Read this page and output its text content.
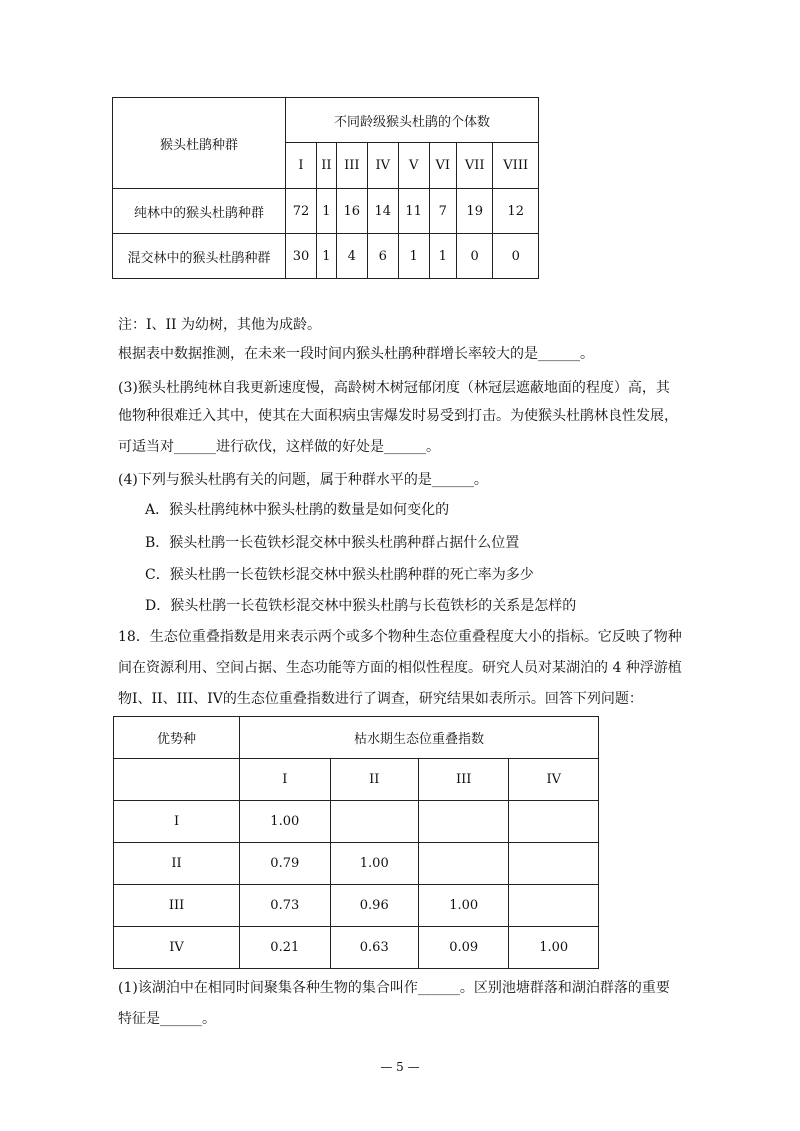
猴头杜鹃种群	不同龄级猴头杜鹃的个体数							
	I	II	III	IV	V	VI	VII	VIII
纯林中的猴头杜鹃种群	72	1	16	14	11	7	19	12
混交林中的猴头杜鹃种群	30	1	4	6	1	1	0	0
注：I、II 为幼树，其他为成龄。
根据表中数据推测，在未来一段时间内猴头杜鹃种群增长率较大的是______。
(3)猴头杜鹃纯林自我更新速度慢，高龄树木树冠郁闭度（林冠层遮蔽地面的程度）高，其
他物种很难迁入其中，使其在大面积病虫害爆发时易受到打击。为使猴头杜鹃林良性发展，
可适当对______进行砍伐，这样做的好处是______。
(4)下列与猴头杜鹃有关的问题，属于种群水平的是______。
A．猴头杜鹃纯林中猴头杜鹃的数量是如何变化的
B．猴头杜鹃一长苞铁杉混交林中猴头杜鹃种群占据什么位置
C．猴头杜鹃一长苞铁杉混交林中猴头杜鹃种群的死亡率为多少
D．猴头杜鹃一长苞铁杉混交林中猴头杜鹃与长苞铁杉的关系是怎样的
18．生态位重叠指数是用来表示两个或多个物种生态位重叠程度大小的指标。它反映了物种
间在资源利用、空间占据、生态功能等方面的相似性程度。研究人员对某湖泊的 4 种浮游植
物I、II、III、IV的生态位重叠指数进行了调查，研究结果如表所示。回答下列问题：
优势种	枯水期生态位重叠指数			
	I	II	III	IV
I	1.00			
II	0.79	1.00		
III	0.73	0.96	1.00	
IV	0.21	0.63	0.09	1.00
(1)该湖泊中在相同时间聚集各种生物的集合叫作______。区别池塘群落和湖泊群落的重要
特征是______。
— 5 —
